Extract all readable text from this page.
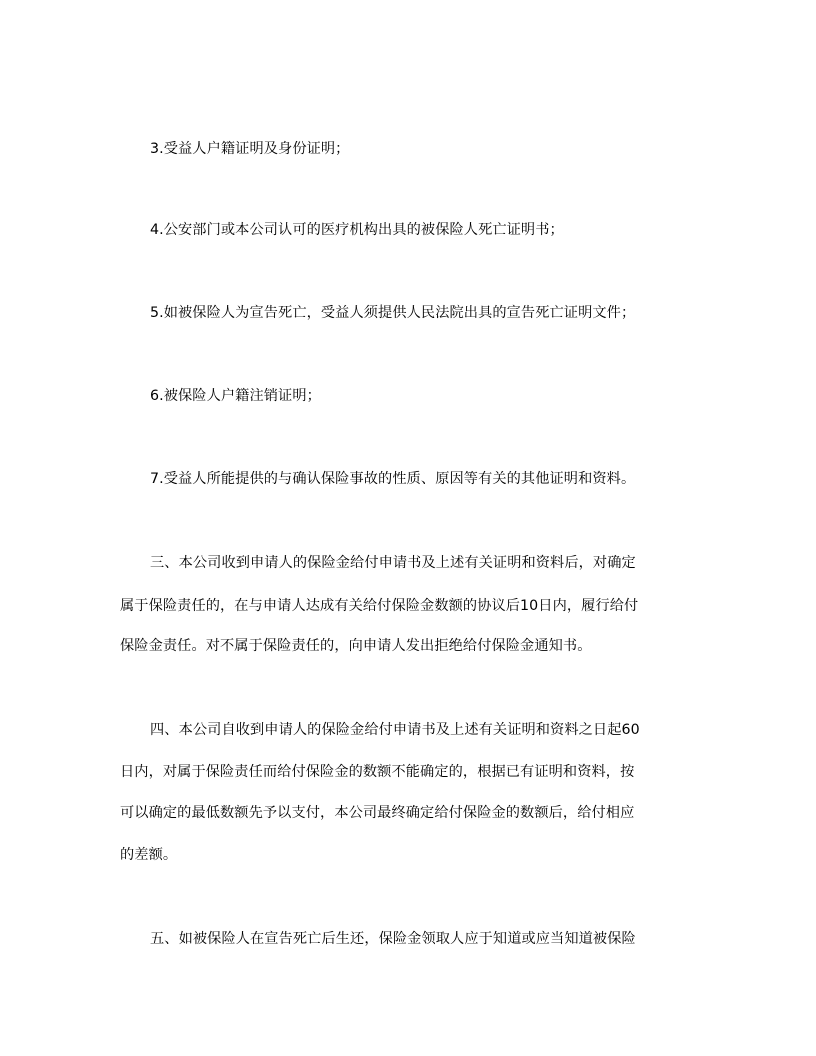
3.受益人户籍证明及身份证明；
4.公安部门或本公司认可的医疗机构出具的被保险人死亡证明书；
5.如被保险人为宣告死亡，受益人须提供人民法院出具的宣告死亡证明文件；
6.被保险人户籍注销证明；
7.受益人所能提供的与确认保险事故的性质、原因等有关的其他证明和资料。
三、本公司收到申请人的保险金给付申请书及上述有关证明和资料后，对确定
属于保险责任的，在与申请人达成有关给付保险金数额的协议后10日内，履行给付
保险金责任。对不属于保险责任的，向申请人发出拒绝给付保险金通知书。
四、本公司自收到申请人的保险金给付申请书及上述有关证明和资料之日起60
日内，对属于保险责任而给付保险金的数额不能确定的，根据已有证明和资料，按
可以确定的最低数额先予以支付，本公司最终确定给付保险金的数额后，给付相应
的差额。
五、如被保险人在宣告死亡后生还，保险金领取人应于知道或应当知道被保险
